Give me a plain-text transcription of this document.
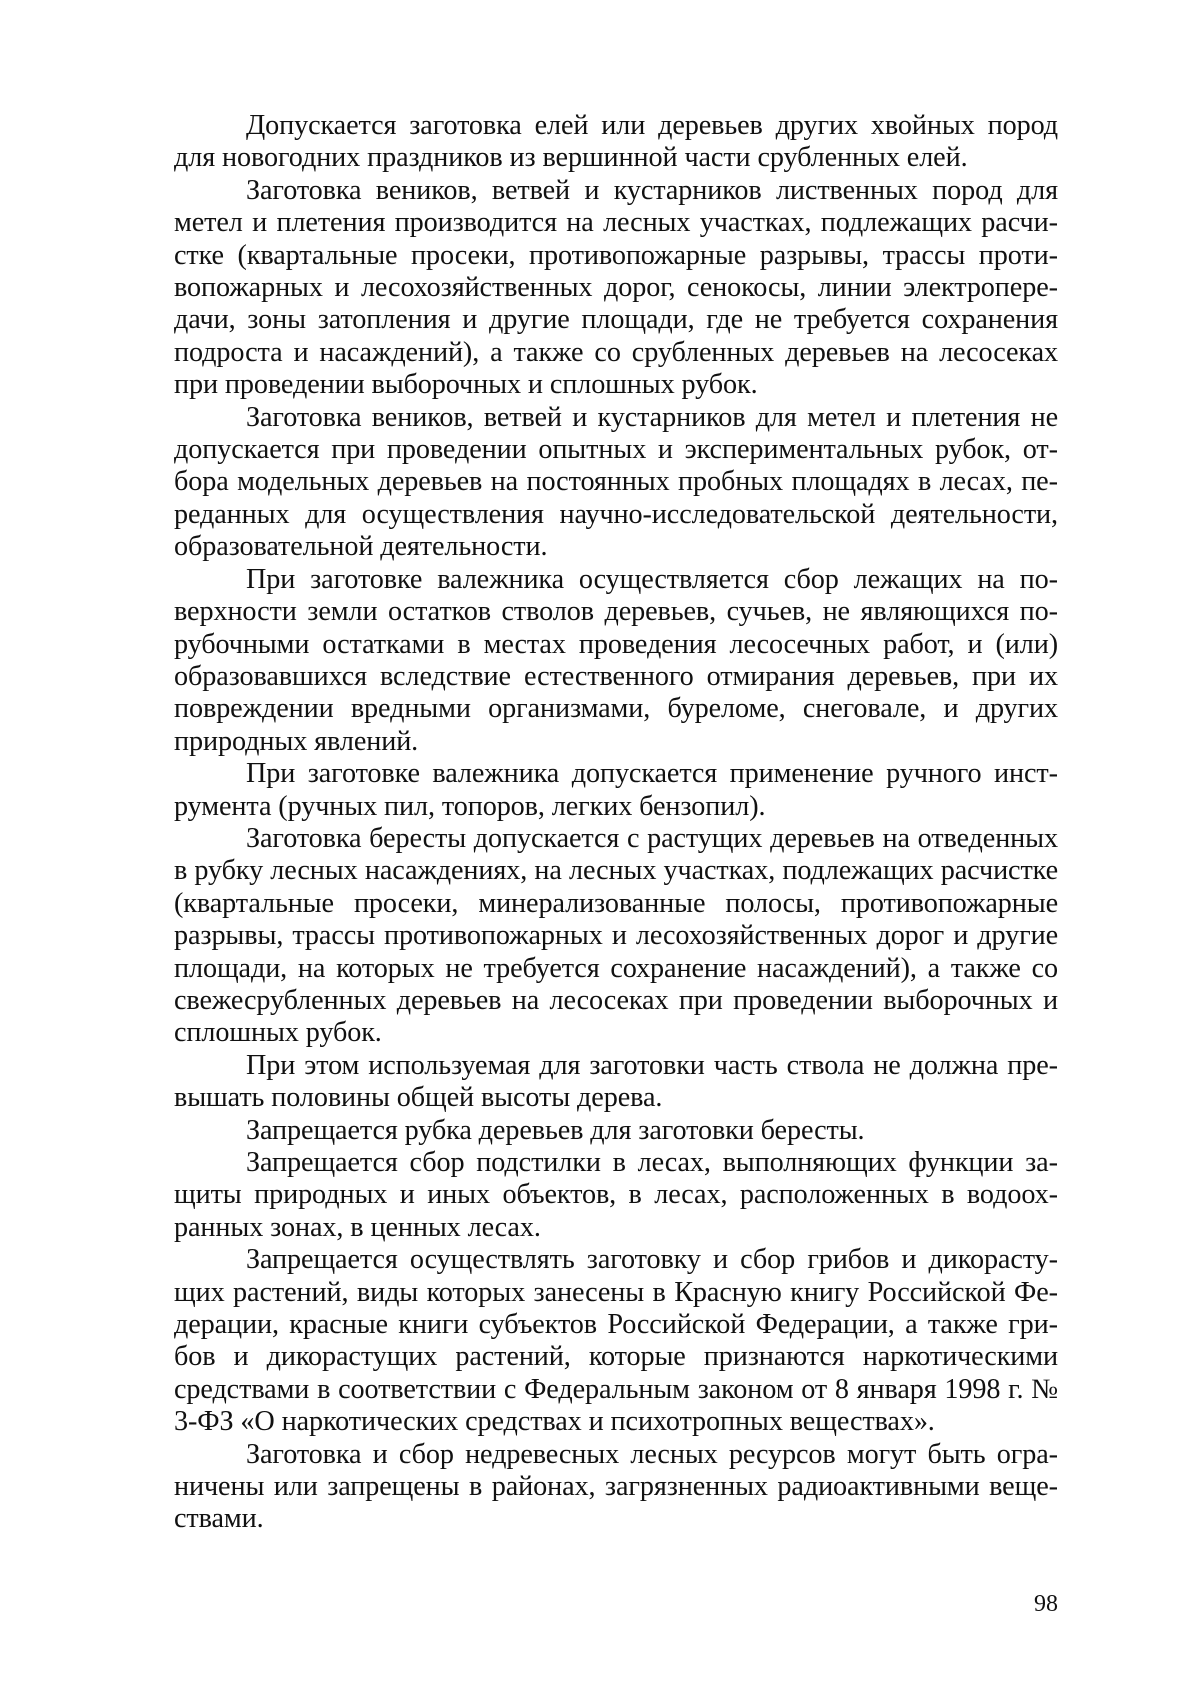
Допускается заготовка елей или деревьев других хвойных пород для новогодних праздников из вершинной части срубленных елей.

Заготовка веников, ветвей и кустарников лиственных пород для метел и плетения производится на лесных участках, подлежащих расчистке (квартальные просеки, противопожарные разрывы, трассы противопожарных и лесохозяйственных дорог, сенокосы, линии электропередачи, зоны затопления и другие площади, где не требуется сохранения подроста и насаждений), а также со срубленных деревьев на лесосеках при проведении выборочных и сплошных рубок.

Заготовка веников, ветвей и кустарников для метел и плетения не допускается при проведении опытных и экспериментальных рубок, отбора модельных деревьев на постоянных пробных площадях в лесах, переданных для осуществления научно-исследовательской деятельности, образовательной деятельности.

При заготовке валежника осуществляется сбор лежащих на поверхности земли остатков стволов деревьев, сучьев, не являющихся порубочными остатками в местах проведения лесосечных работ, и (или) образовавшихся вследствие естественного отмирания деревьев, при их повреждении вредными организмами, буреломе, снеговале, и других природных явлений.

При заготовке валежника допускается применение ручного инструмента (ручных пил, топоров, легких бензопил).

Заготовка бересты допускается с растущих деревьев на отведенных в рубку лесных насаждениях, на лесных участках, подлежащих расчистке (квартальные просеки, минерализованные полосы, противопожарные разрывы, трассы противопожарных и лесохозяйственных дорог и другие площади, на которых не требуется сохранение насаждений), а также со свежесрубленных деревьев на лесосеках при проведении выборочных и сплошных рубок.

При этом используемая для заготовки часть ствола не должна превышать половины общей высоты дерева.

Запрещается рубка деревьев для заготовки бересты.

Запрещается сбор подстилки в лесах, выполняющих функции защиты природных и иных объектов, в лесах, расположенных в водоохранных зонах, в ценных лесах.

Запрещается осуществлять заготовку и сбор грибов и дикорастущих растений, виды которых занесены в Красную книгу Российской Федерации, красные книги субъектов Российской Федерации, а также грибов и дикорастущих растений, которые признаются наркотическими средствами в соответствии с Федеральным законом от 8 января 1998 г. № 3-ФЗ «О наркотических средствах и психотропных веществах».

Заготовка и сбор недревесных лесных ресурсов могут быть ограничены или запрещены в районах, загрязненных радиоактивными веществами.

98
